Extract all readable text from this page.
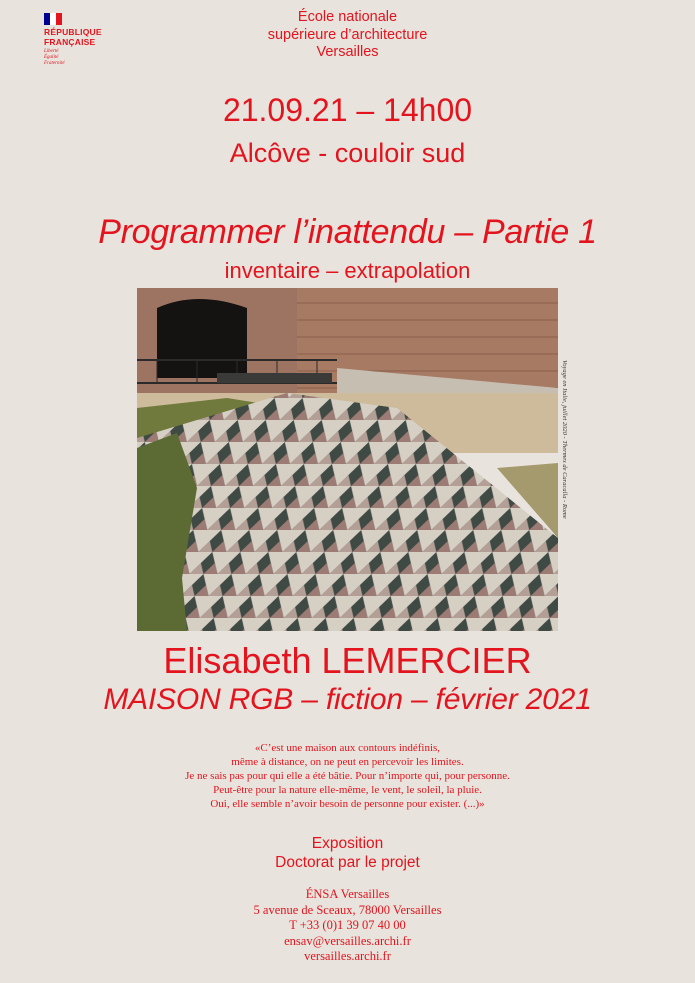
RÉPUBLIQUE
FRANÇAISE
Liberté
Égalité
Fraternité
École nationale
supérieure d’architecture
Versailles
21.09.21 – 14h00
Alcôve - couloir sud
Programmer l’inattendu – Partie 1
inventaire – extrapolation
Voyage en Italie, juillet 2020 - Thermes de Caracalla - Rome
Elisabeth LEMERCIER
MAISON RGB – fiction – février 2021
«C’est une maison aux contours indéfinis,
même à distance, on ne peut en percevoir les limites.
Je ne sais pas pour qui elle a été bâtie. Pour n’importe qui, pour personne.
Peut-être pour la nature elle-même, le vent, le soleil, la pluie.
Oui, elle semble n’avoir besoin de personne pour exister. (...)»
Exposition
Doctorat par le projet
ÉNSA Versailles
5 avenue de Sceaux, 78000 Versailles
T +33 (0)1 39 07 40 00
ensav@versailles.archi.fr
versailles.archi.fr
